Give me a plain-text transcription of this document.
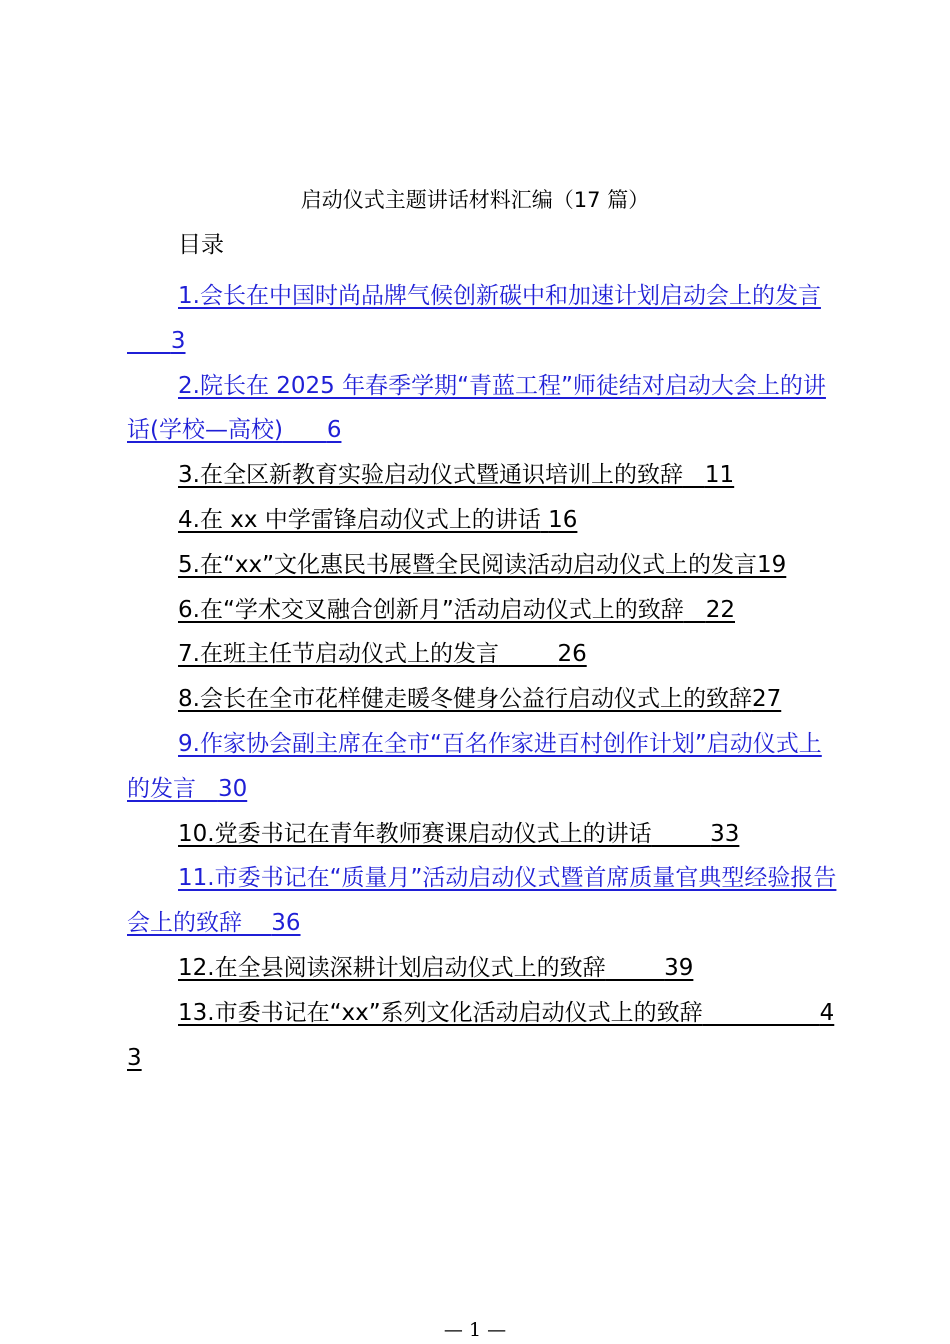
启动仪式主题讲话材料汇编（17 篇）
目录
1.会长在中国时尚品牌气候创新碳中和加速计划启动会上的发言      3
2.院长在 2025 年春季学期“青蓝工程”师徒结对启动大会上的讲话(学校—高校) 6
3.在全区新教育实验启动仪式暨通识培训上的致辞 11
4.在 xx 中学雷锋启动仪式上的讲话 16
5.在“xx”文化惠民书展暨全民阅读活动启动仪式上的发言19
6.在“学术交叉融合创新月”活动启动仪式上的致辞 22
7.在班主任节启动仪式上的发言	26
8.会长在全市花样健走暖冬健身公益行启动仪式上的致辞27
9.作家协会副主席在全市“百名作家进百村创作计划”启动仪式上的发言 30
10.党委书记在青年教师赛课启动仪式上的讲话	33
11.市委书记在“质量月”活动启动仪式暨首席质量官典型经验报告会上的致辞 36
12.在全县阅读深耕计划启动仪式上的致辞	39
13.市委书记在“xx”系列文化活动启动仪式上的致辞	43
— 1 —
